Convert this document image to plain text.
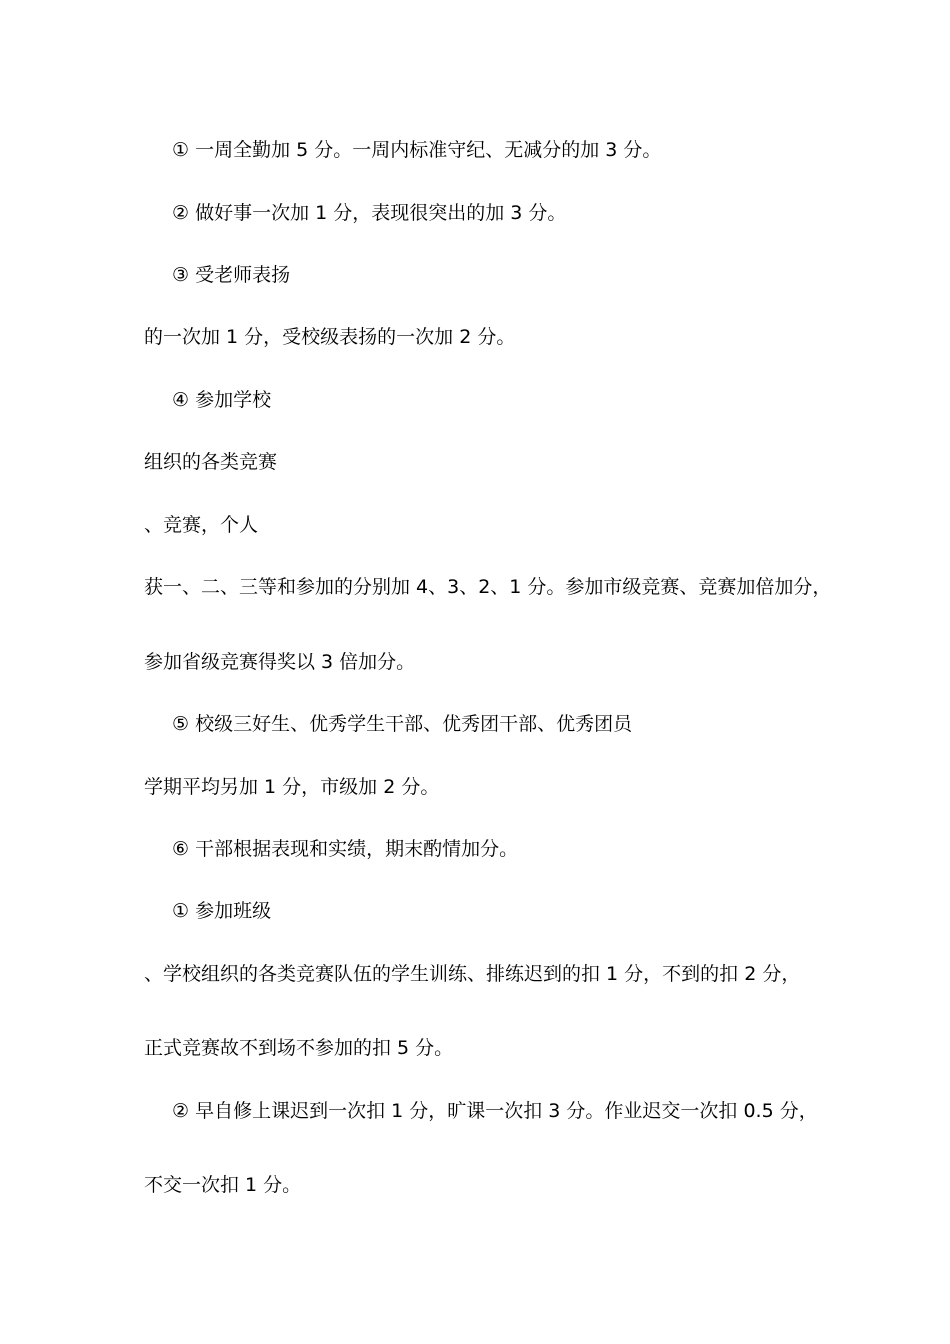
① 一周全勤加 5 分。一周内标准守纪、无减分的加 3 分。
② 做好事一次加 1 分，表现很突出的加 3 分。
③ 受老师表扬
的一次加 1 分，受校级表扬的一次加 2 分。
④ 参加学校
组织的各类竞赛
、竞赛，个人
获一、二、三等和参加的分别加 4、3、2、1 分。参加市级竞赛、竞赛加倍加分，
参加省级竞赛得奖以 3 倍加分。
⑤ 校级三好生、优秀学生干部、优秀团干部、优秀团员
学期平均另加 1 分，市级加 2 分。
⑥ 干部根据表现和实绩，期末酌情加分。
① 参加班级
、学校组织的各类竞赛队伍的学生训练、排练迟到的扣 1 分，不到的扣 2 分，
正式竞赛故不到场不参加的扣 5 分。
② 早自修上课迟到一次扣 1 分，旷课一次扣 3 分。作业迟交一次扣 0.5 分，
不交一次扣 1 分。
